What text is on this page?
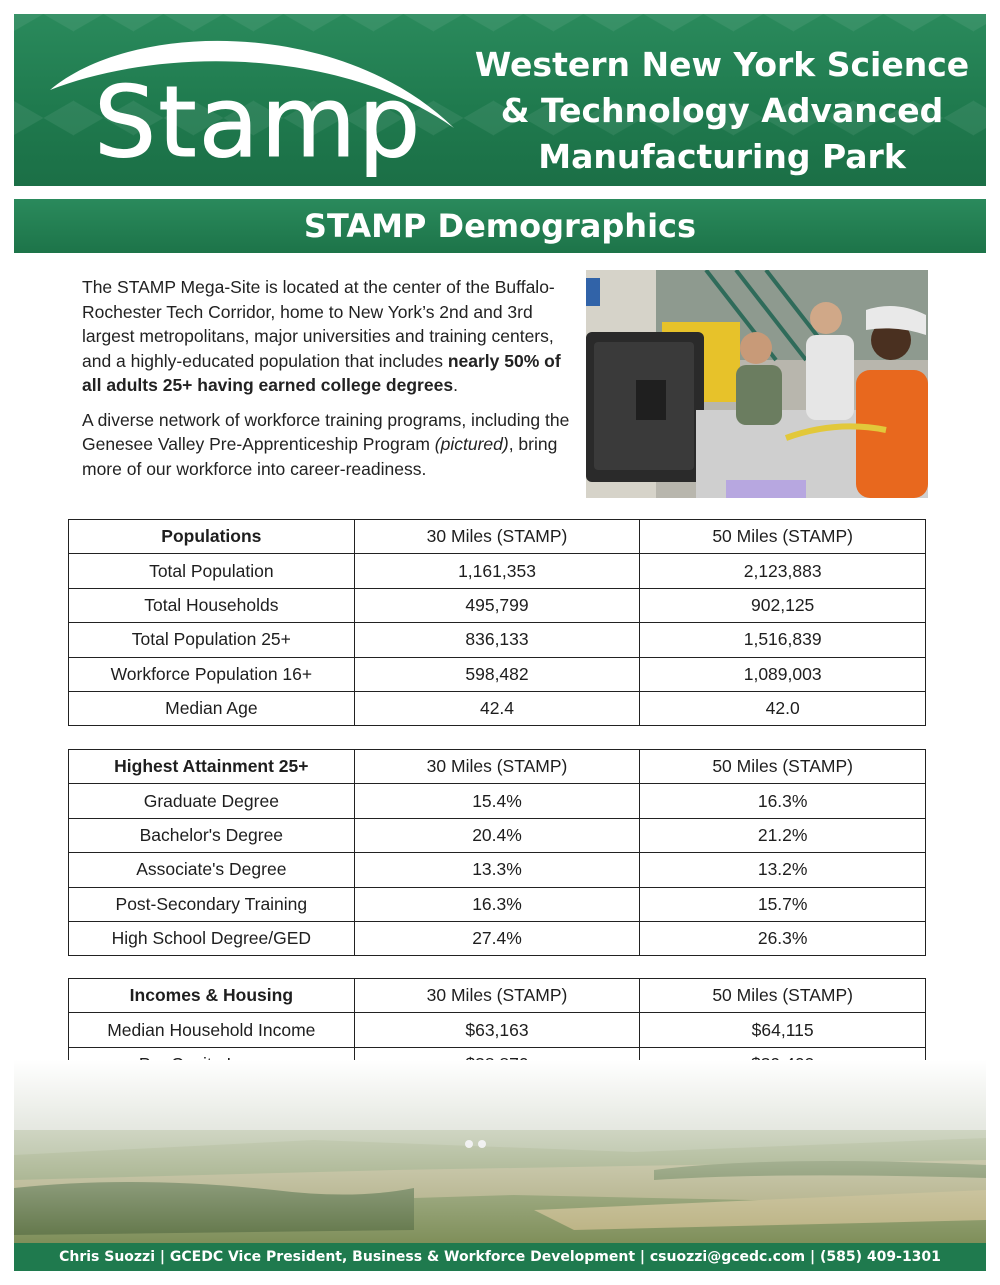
Stamp
Western New York Science & Technology Advanced Manufacturing Park
STAMP Demographics

The STAMP Mega-Site is located at the center of the Buffalo-Rochester Tech Corridor, home to New York’s 2nd and 3rd largest metropolitans, major universities and training centers, and a highly-educated population that includes nearly 50% of all adults 25+ having earned college degrees.

A diverse network of workforce training programs, including the Genesee Valley Pre-Apprenticeship Program (pictured), bring more of our workforce into career-readiness.

Populations	30 Miles (STAMP)	50 Miles (STAMP)
Total Population	1,161,353	2,123,883
Total Households	495,799	902,125
Total Population 25+	836,133	1,516,839
Workforce Population 16+	598,482	1,089,003
Median Age	42.4	42.0
Highest Attainment 25+	30 Miles (STAMP)	50 Miles (STAMP)
Graduate Degree	15.4%	16.3%
Bachelor's Degree	20.4%	21.2%
Associate's Degree	13.3%	13.2%
Post-Secondary Training	16.3%	15.7%
High School Degree/GED	27.4%	26.3%
Incomes & Housing	30 Miles (STAMP)	50 Miles (STAMP)
Median Household Income	$63,163	$64,115

Chris Suozzi | GCEDC Vice President, Business & Workforce Development | csuozzi@gcedc.com | (585) 409-1301
